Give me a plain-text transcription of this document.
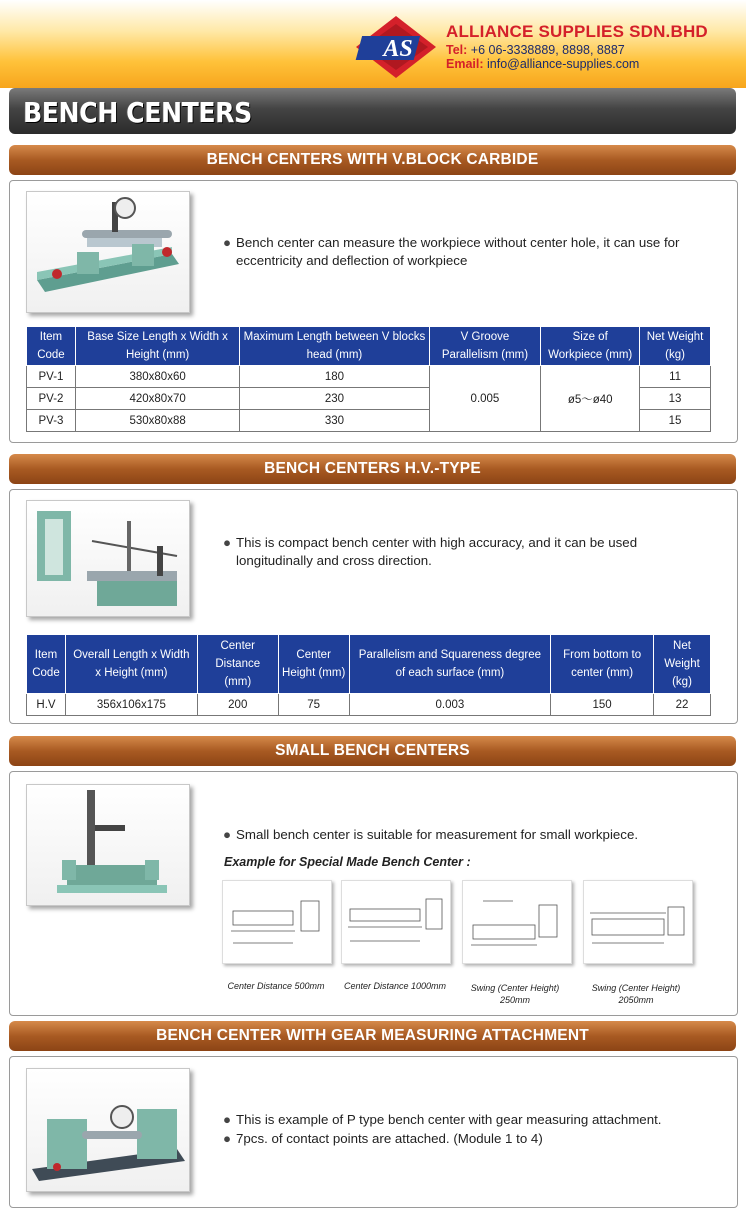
AS
ALLIANCE SUPPLIES SDN.BHD
Tel: +6 06-3338889, 8898, 8887
Email: info@alliance-supplies.com
BENCH CENTERS
BENCH CENTERS WITH V.BLOCK CARBIDE
● Bench center can measure the workpiece without center hole, it can use for eccentricity and deflection of workpiece
Item Code	Base Size Length x Width x Height (mm)	Maximum Length between V blocks head (mm)	V Groove Parallelism (mm)	Size of Workpiece (mm)	Net Weight (kg)
PV-1	380x80x60	180	0.005	ø5～ø40	11
PV-2	420x80x70	230			13
PV-3	530x80x88	330			15
BENCH CENTERS H.V.-TYPE
● This is compact bench center with high accuracy, and it can be used longitudinally and cross direction.
Item Code	Overall Length x Width x Height (mm)	Center Distance (mm)	Center Height (mm)	Parallelism and Squareness degree of each surface (mm)	From bottom to center (mm)	Net Weight (kg)
H.V	356x106x175	200	75	0.003	150	22
SMALL BENCH CENTERS
● Small bench center is suitable for measurement for small workpiece.
Example for Special Made Bench Center :
Center Distance 500mm	Center Distance 1000mm	Swing (Center Height) 250mm
Swing (Center Height) 2050mm
BENCH CENTER WITH GEAR MEASURING ATTACHMENT
● This is example of P type bench center with gear measuring attachment.
● 7pcs. of contact points are attached. (Module 1 to 4)
